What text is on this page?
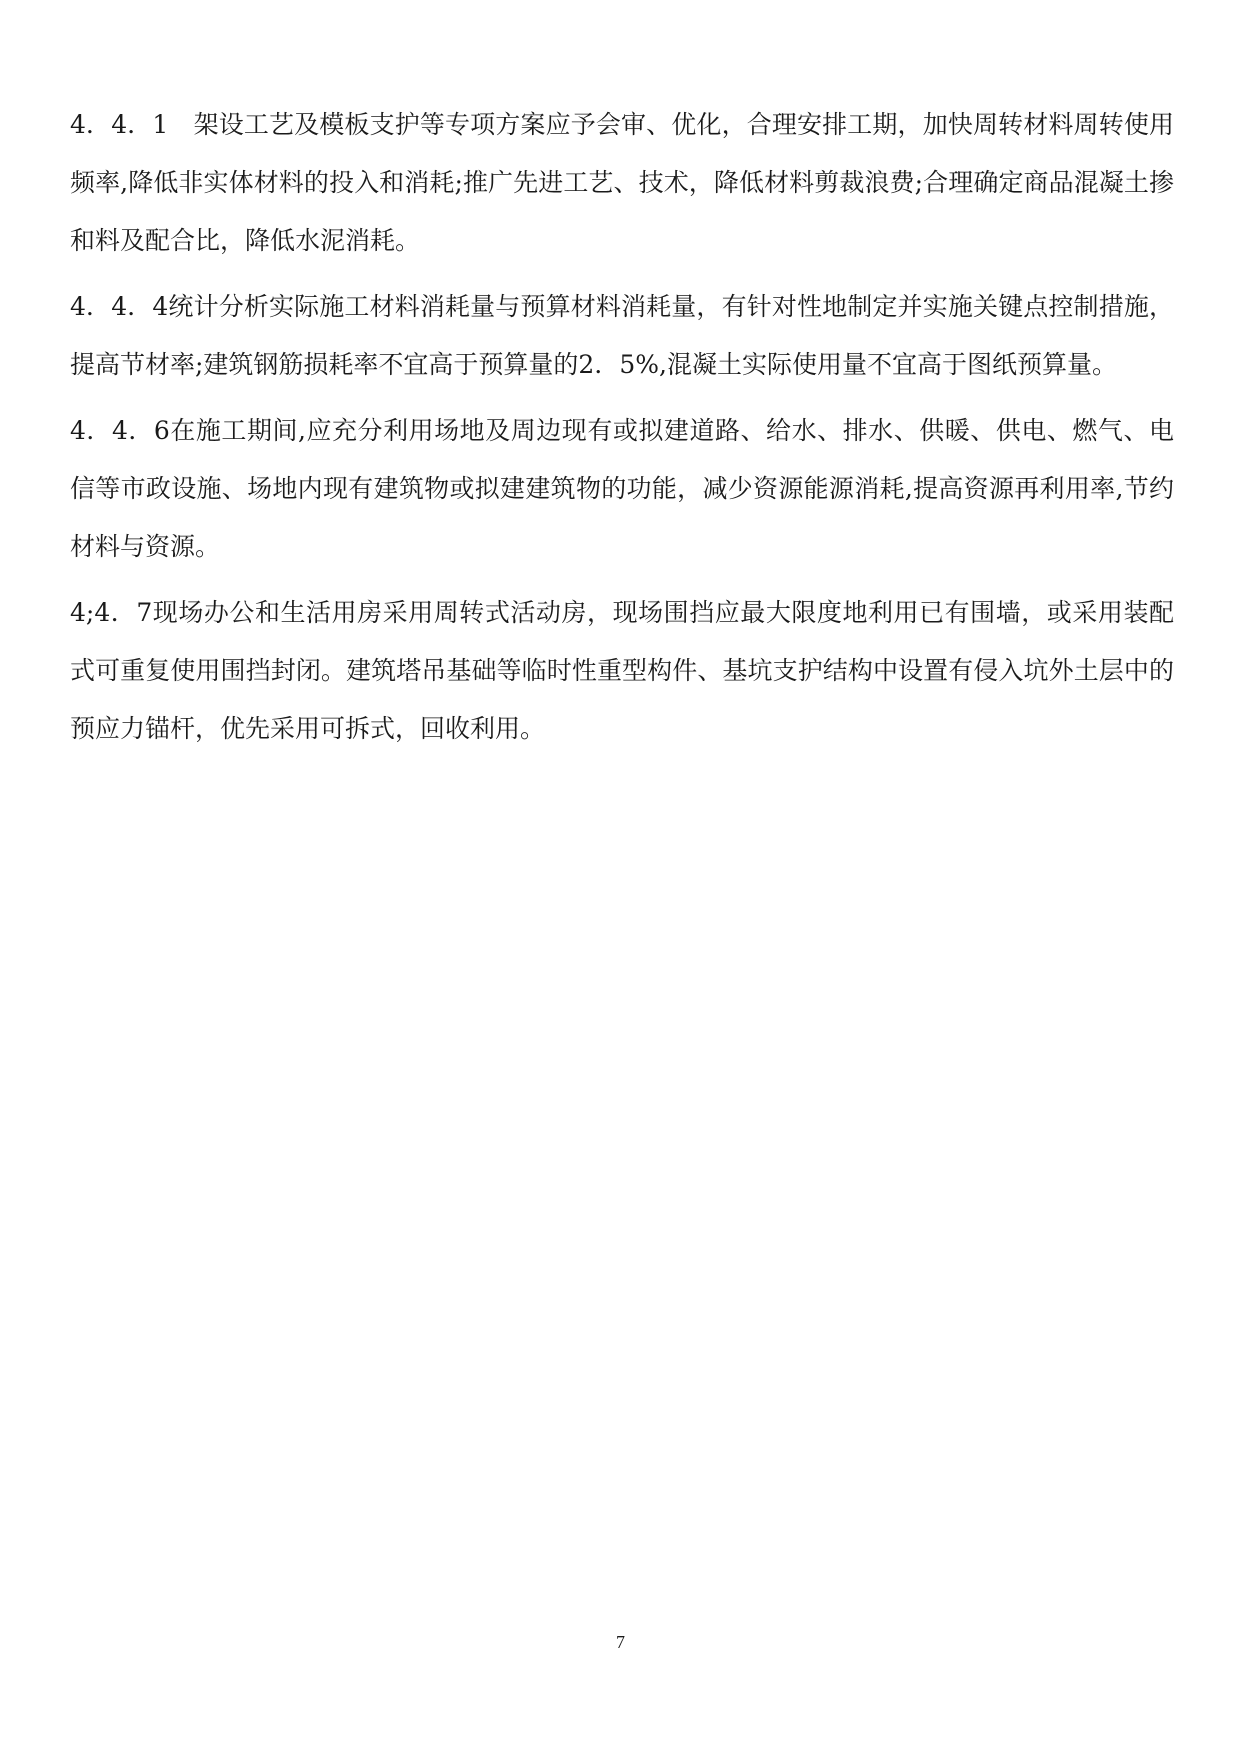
4．4．1　架设工艺及模板支护等专项方案应予会审、优化，合理安排工期，加快周转材料周转使用频率,降低非实体材料的投入和消耗;推广先进工艺、技术，降低材料剪裁浪费;合理确定商品混凝土掺和料及配合比，降低水泥消耗。

4．4．4统计分析实际施工材料消耗量与预算材料消耗量，有针对性地制定并实施关键点控制措施，提高节材率;建筑钢筋损耗率不宜高于预算量的2．5%,混凝土实际使用量不宜高于图纸预算量。

4．4．6在施工期间,应充分利用场地及周边现有或拟建道路、给水、排水、供暖、供电、燃气、电信等市政设施、场地内现有建筑物或拟建建筑物的功能，减少资源能源消耗,提高资源再利用率,节约材料与资源。

4;4．7现场办公和生活用房采用周转式活动房，现场围挡应最大限度地利用已有围墙，或采用装配式可重复使用围挡封闭。建筑塔吊基础等临时性重型构件、基坑支护结构中设置有侵入坑外土层中的预应力锚杆，优先采用可拆式，回收利用。

7
